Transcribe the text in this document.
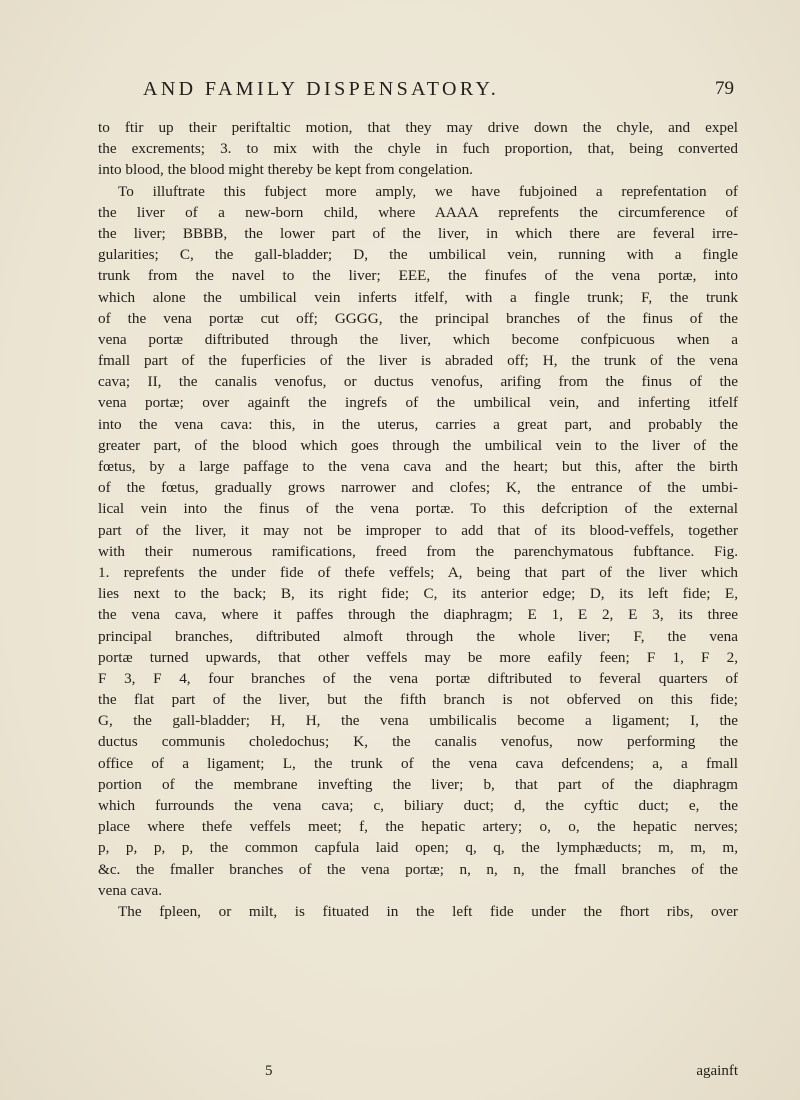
AND FAMILY DISPENSATORY.	79
to ftir up their periftaltic motion, that they may drive down the chyle, and expel
the excrements; 3. to mix with the chyle in fuch proportion, that, being converted
into blood, the blood might thereby be kept from congelation.
To illuftrate this fubject more amply, we have fubjoined a reprefentation of
the liver of a new-born child, where AAAA reprefents the circumference of
the liver; BBBB, the lower part of the liver, in which there are feveral irre-
gularities; C, the gall-bladder; D, the umbilical vein, running with a fingle
trunk from the navel to the liver; EEE, the finufes of the vena portæ, into
which alone the umbilical vein inferts itfelf, with a fingle trunk; F, the trunk
of the vena portæ cut off; GGGG, the principal branches of the finus of the
vena portæ diftributed through the liver, which become confpicuous when a
fmall part of the fuperficies of the liver is abraded off; H, the trunk of the vena
cava; II, the canalis venofus, or ductus venofus, arifing from the finus of the
vena portæ; over againft the ingrefs of the umbilical vein, and inferting itfelf
into the vena cava: this, in the uterus, carries a great part, and probably the
greater part, of the blood which goes through the umbilical vein to the liver of the
fœtus, by a large paffage to the vena cava and the heart; but this, after the birth
of the fœtus, gradually grows narrower and clofes; K, the entrance of the umbi-
lical vein into the finus of the vena portæ. To this defcription of the external
part of the liver, it may not be improper to add that of its blood-veffels, together
with their numerous ramifications, freed from the parenchymatous fubftance. Fig.
1. reprefents the under fide of thefe veffels; A, being that part of the liver which
lies next to the back; B, its right fide; C, its anterior edge; D, its left fide; E,
the vena cava, where it paffes through the diaphragm; E 1, E 2, E 3, its three
principal branches, diftributed almoft through the whole liver; F, the vena
portæ turned upwards, that other veffels may be more eafily feen; F 1, F 2,
F 3, F 4, four branches of the vena portæ diftributed to feveral quarters of
the flat part of the liver, but the fifth branch is not obferved on this fide;
G, the gall-bladder; H, H, the vena umbilicalis become a ligament; I, the
ductus communis choledochus; K, the canalis venofus, now performing the
office of a ligament; L, the trunk of the vena cava defcendens; a, a fmall
portion of the membrane invefting the liver; b, that part of the diaphragm
which furrounds the vena cava; c, biliary duct; d, the cyftic duct; e, the
place where thefe veffels meet; f, the hepatic artery; o, o, the hepatic nerves;
p, p, p, p, the common capfula laid open; q, q, the lymphæducts; m, m, m,
&c. the fmaller branches of the vena portæ; n, n, n, the fmall branches of the
vena cava.
The fpleen, or milt, is fituated in the left fide under the fhort ribs, over
5	againft
